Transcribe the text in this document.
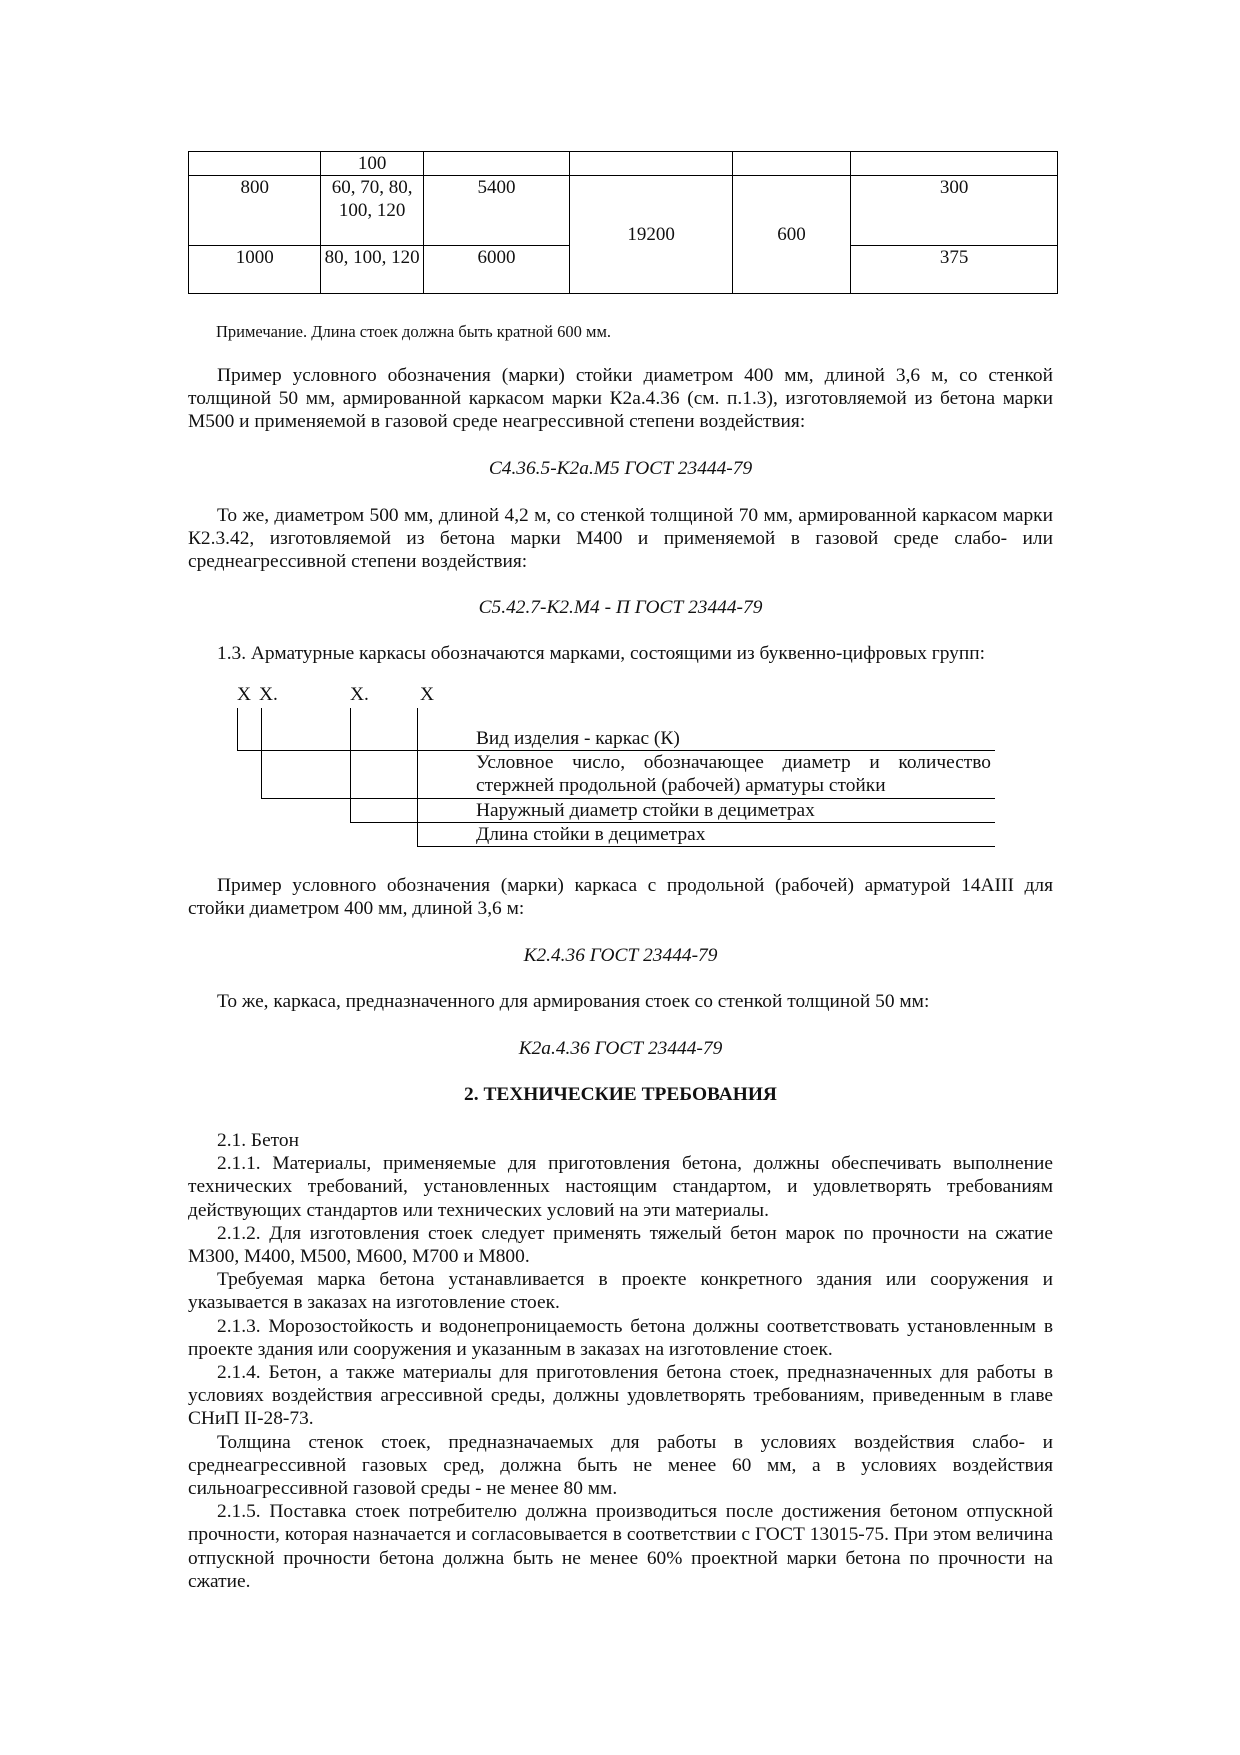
	100				
800	60, 70, 80, 100, 120	5400	19200	600	300
1000	80, 100, 120	6000			375
Примечание. Длина стоек должна быть кратной 600 мм.
Пример условного обозначения (марки) стойки диаметром 400 мм, длиной 3,6 м, со стенкой толщиной 50 мм, армированной каркасом марки К2а.4.36 (см. п.1.3), изготовляемой из бетона марки М500 и применяемой в газовой среде неагрессивной степени воздействия:
С4.36.5-К2а.М5 ГОСТ 23444-79
То же, диаметром 500 мм, длиной 4,2 м, со стенкой толщиной 70 мм, армированной каркасом марки К2.3.42, изготовляемой из бетона марки М400 и применяемой в газовой среде слабо- или среднеагрессивной степени воздействия:
С5.42.7-К2.М4 - П ГОСТ 23444-79
1.3. Арматурные каркасы обозначаются марками, состоящими из буквенно-цифровых групп:
Х Х.	Х.	Х
Вид изделия - каркас (К)
Условное число, обозначающее диаметр и количество стержней продольной (рабочей) арматуры стойки
Наружный диаметр стойки в дециметрах
Длина стойки в дециметрах
Пример условного обозначения (марки) каркаса с продольной (рабочей) арматурой 14АIII для стойки диаметром 400 мм, длиной 3,6 м:
К2.4.36 ГОСТ 23444-79
То же, каркаса, предназначенного для армирования стоек со стенкой толщиной 50 мм:
К2а.4.36 ГОСТ 23444-79
2. ТЕХНИЧЕСКИЕ ТРЕБОВАНИЯ
2.1. Бетон
2.1.1. Материалы, применяемые для приготовления бетона, должны обеспечивать выполнение технических требований, установленных настоящим стандартом, и удовлетворять требованиям действующих стандартов или технических условий на эти материалы.
2.1.2. Для изготовления стоек следует применять тяжелый бетон марок по прочности на сжатие М300, М400, М500, М600, М700 и М800.
Требуемая марка бетона устанавливается в проекте конкретного здания или сооружения и указывается в заказах на изготовление стоек.
2.1.3. Морозостойкость и водонепроницаемость бетона должны соответствовать установленным в проекте здания или сооружения и указанным в заказах на изготовление стоек.
2.1.4. Бетон, а также материалы для приготовления бетона стоек, предназначенных для работы в условиях воздействия агрессивной среды, должны удовлетворять требованиям, приведенным в главе СНиП II-28-73.
Толщина стенок стоек, предназначаемых для работы в условиях воздействия слабо- и среднеагрессивной газовых сред, должна быть не менее 60 мм, а в условиях воздействия сильноагрессивной газовой среды - не менее 80 мм.
2.1.5. Поставка стоек потребителю должна производиться после достижения бетоном отпускной прочности, которая назначается и согласовывается в соответствии с ГОСТ 13015-75. При этом величина отпускной прочности бетона должна быть не менее 60% проектной марки бетона по прочности на сжатие.
